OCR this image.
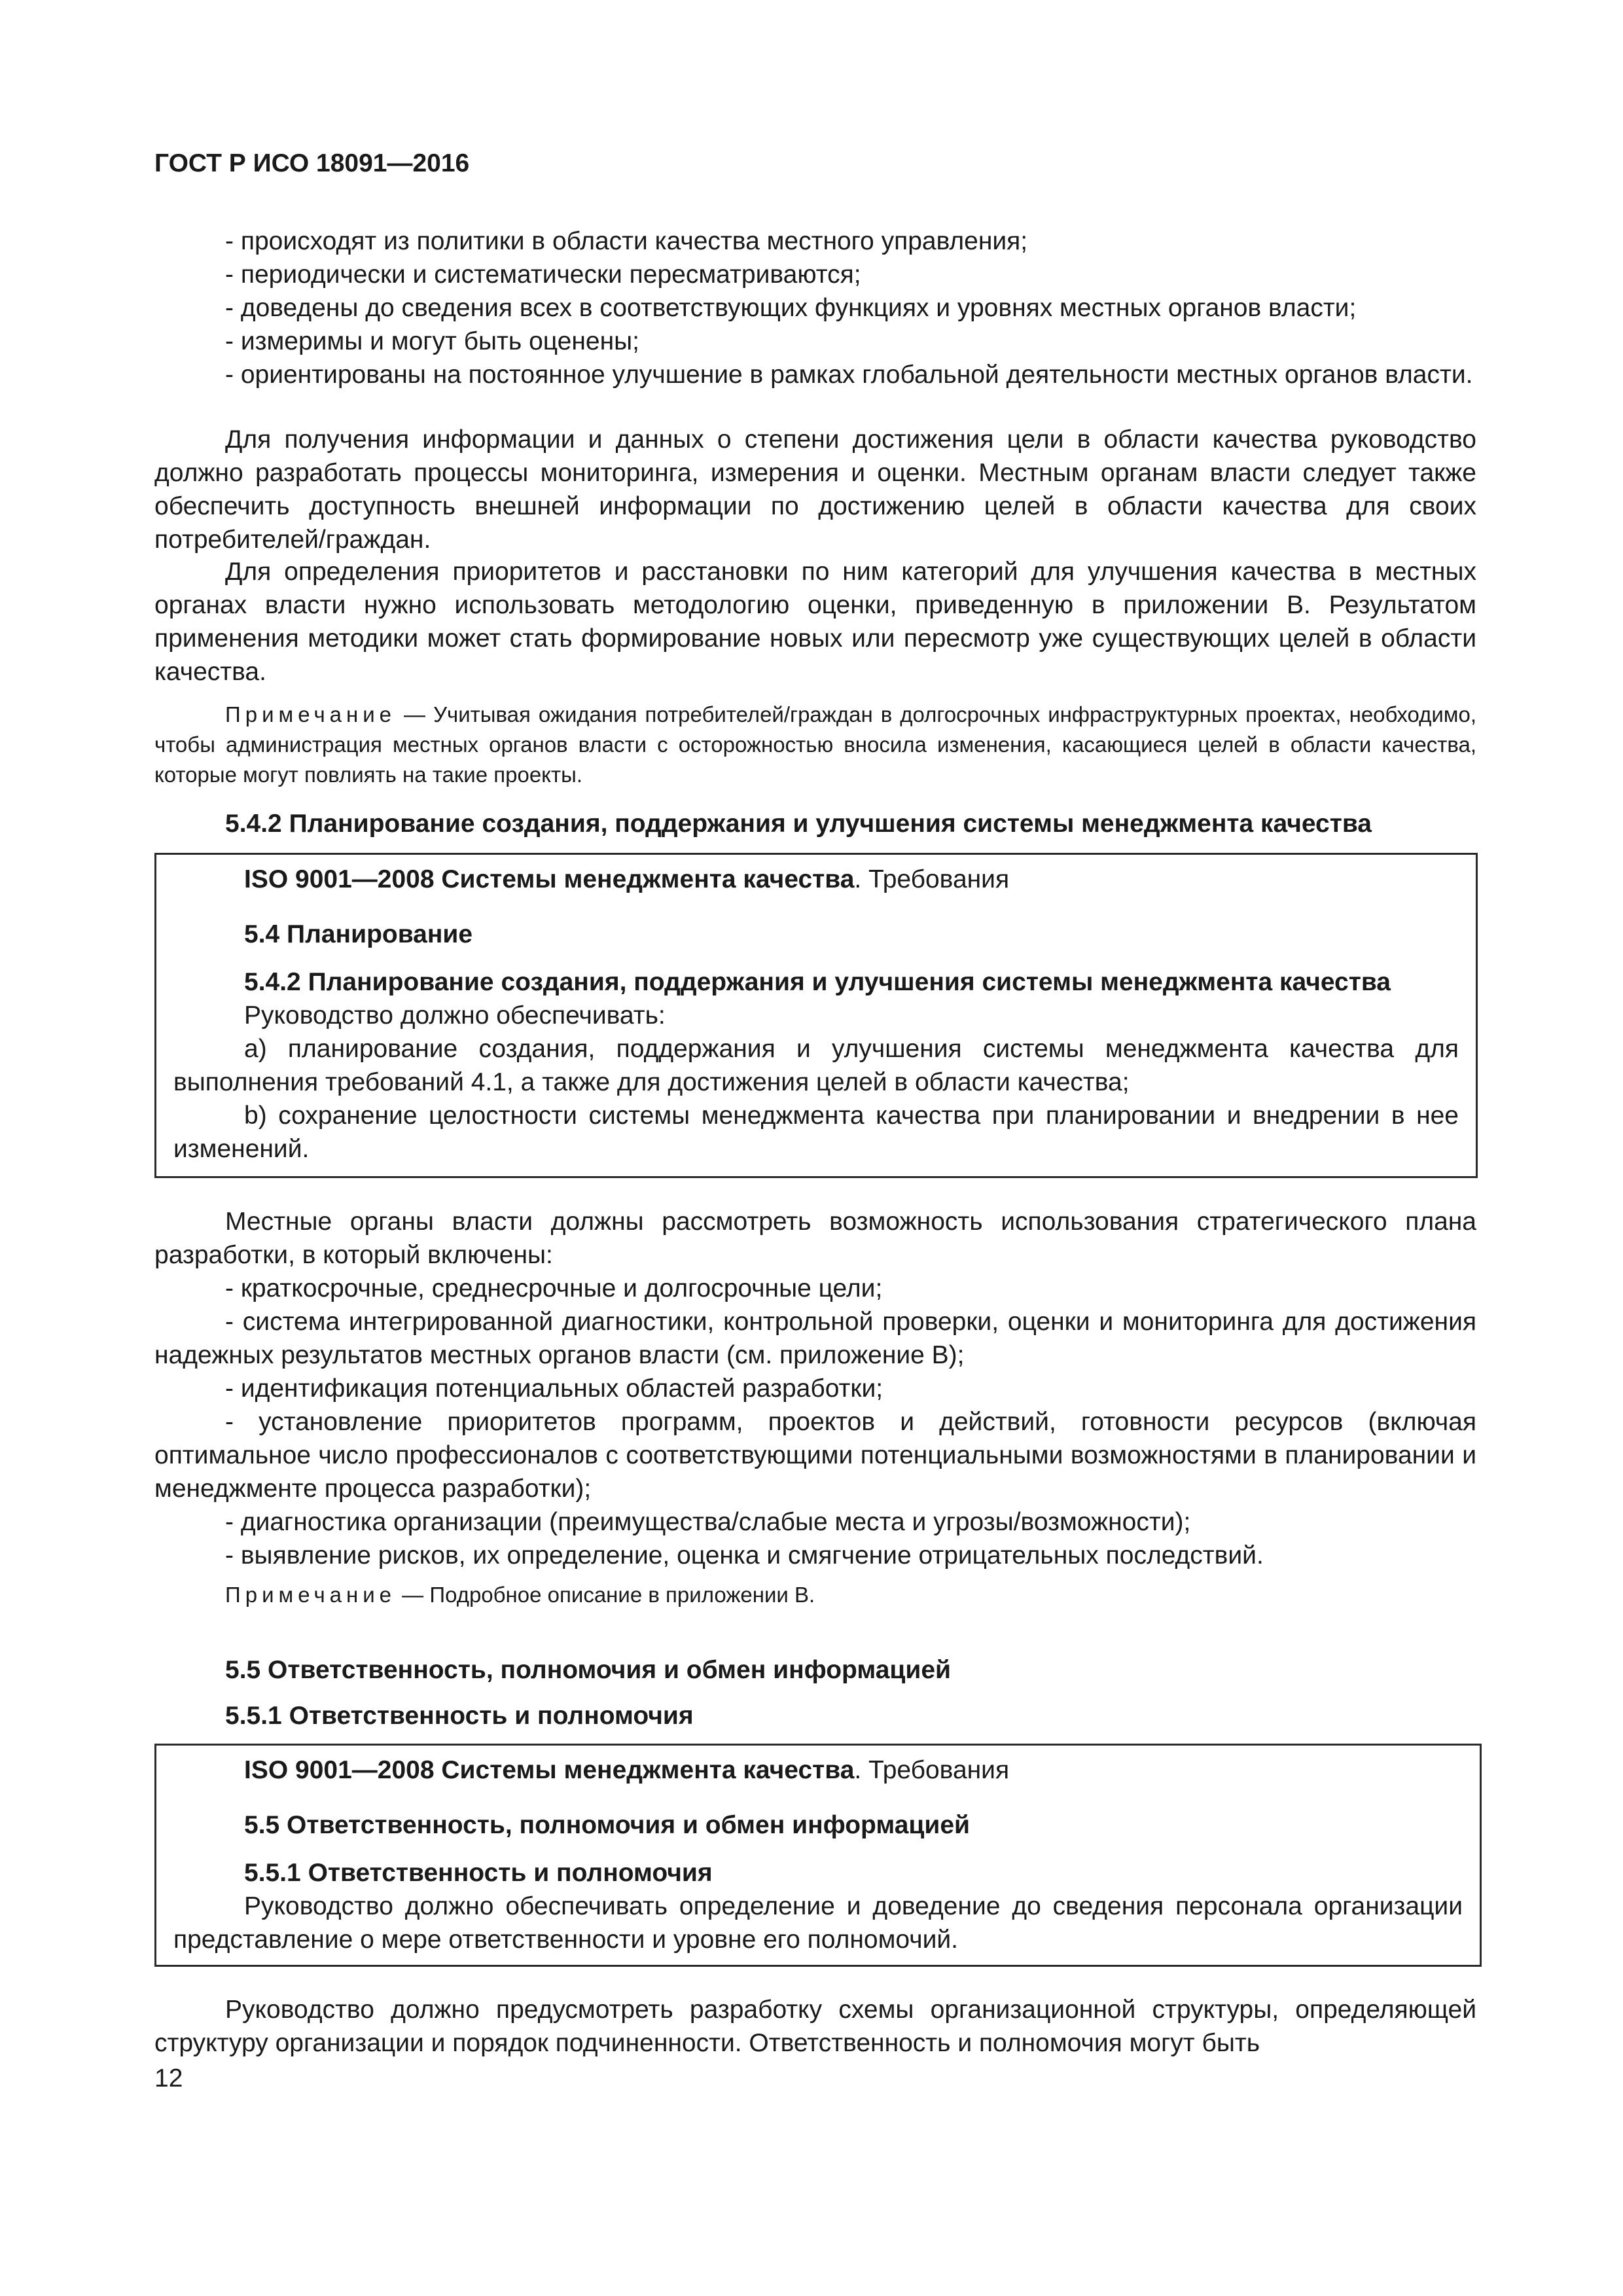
ГОСТ Р ИСО 18091—2016

- происходят из политики в области качества местного управления;

- периодически и систематически пересматриваются;

- доведены до сведения всех в соответствующих функциях и уровнях местных органов власти;

- измеримы и могут быть оценены;

- ориентированы на постоянное улучшение в рамках глобальной деятельности местных органов власти.

Для получения информации и данных о степени достижения цели в области качества руководство должно разработать процессы мониторинга, измерения и оценки. Местным органам власти следует также обеспечить доступность внешней информации по достижению целей в области качества для своих потребителей/граждан.

Для определения приоритетов и расстановки по ним категорий для улучшения качества в местных органах власти нужно использовать методологию оценки, приведенную в приложении B. Результатом применения методики может стать формирование новых или пересмотр уже существующих целей в области качества.

Примечание — Учитывая ожидания потребителей/граждан в долгосрочных инфраструктурных проектах, необходимо, чтобы администрация местных органов власти с осторожностью вносила изменения, касающиеся целей в области качества, которые могут повлиять на такие проекты.

5.4.2 Планирование создания, поддержания и улучшения системы менеджмента качества
ISO 9001—2008 Системы менеджмента качества. Требования
5.4 Планирование
5.4.2 Планирование создания, поддержания и улучшения системы менеджмента качества
Руководство должно обеспечивать:
a) планирование создания, поддержания и улучшения системы менеджмента качества для выполнения требований 4.1, а также для достижения целей в области качества;
b) сохранение целостности системы менеджмента качества при планировании и внедрении в нее изменений.

Местные органы власти должны рассмотреть возможность использования стратегического плана разработки, в который включены:

- краткосрочные, среднесрочные и долгосрочные цели;

- система интегрированной диагностики, контрольной проверки, оценки и мониторинга для достижения надежных результатов местных органов власти (см. приложение B);

- идентификация потенциальных областей разработки;

- установление приоритетов программ, проектов и действий, готовности ресурсов (включая оптимальное число профессионалов с соответствующими потенциальными возможностями в планировании и менеджменте процесса разработки);

- диагностика организации (преимущества/слабые места и угрозы/возможности);

- выявление рисков, их определение, оценка и смягчение отрицательных последствий.

Примечание — Подробное описание в приложении B.

5.5 Ответственность, полномочия и обмен информацией
5.5.1 Ответственность и полномочия
ISO 9001—2008 Системы менеджмента качества. Требования
5.5 Ответственность, полномочия и обмен информацией
5.5.1 Ответственность и полномочия
Руководство должно обеспечивать определение и доведение до сведения персонала организации представление о мере ответственности и уровне его полномочий.

Руководство должно предусмотреть разработку схемы организационной структуры, определяющей структуру организации и порядок подчиненности. Ответственность и полномочия могут быть

12
